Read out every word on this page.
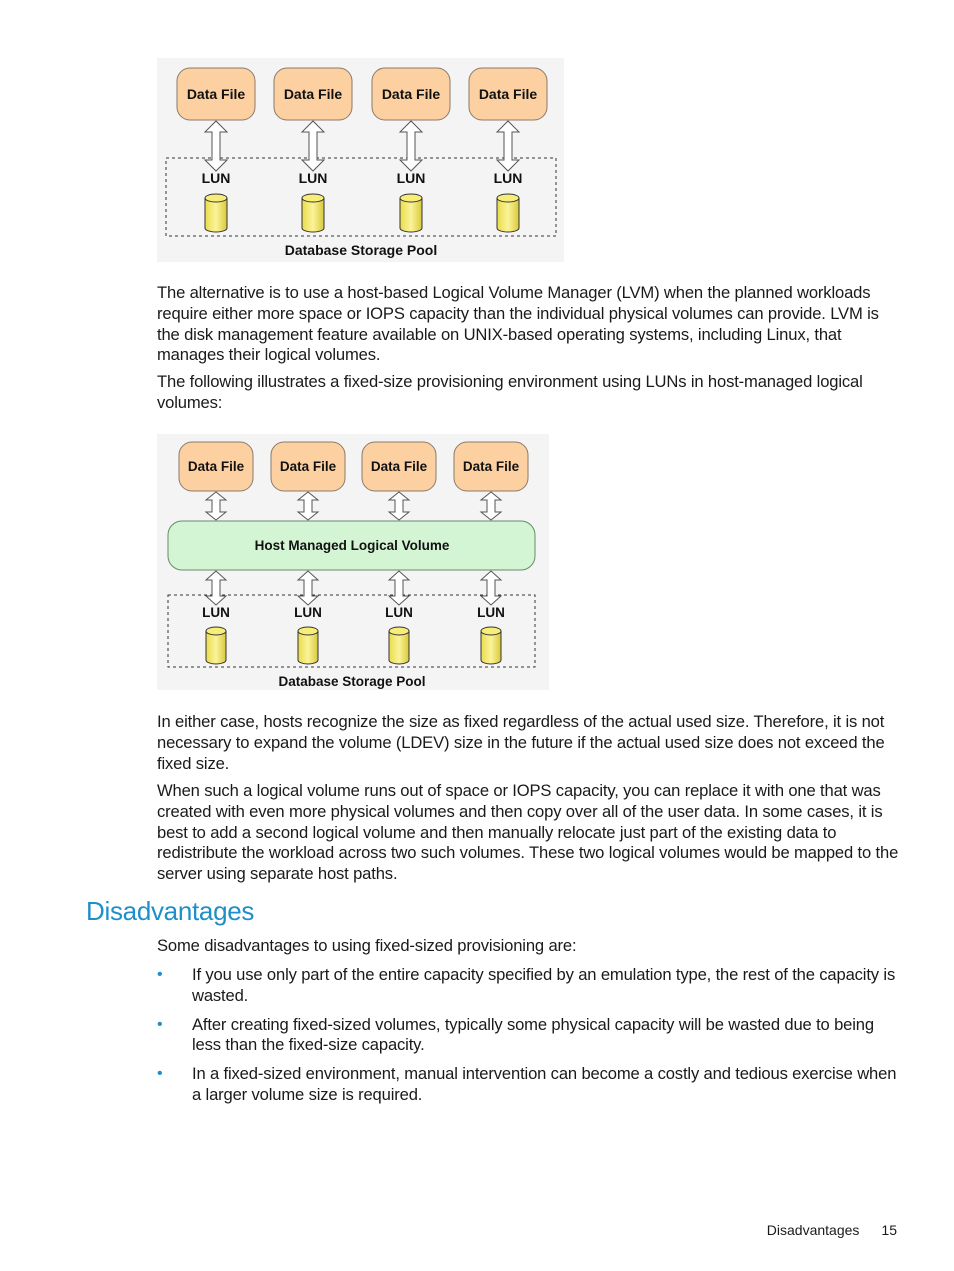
Data File	Data File	Data File	Data File
LUN	LUN	LUN	LUN
Database Storage Pool

The alternative is to use a host-based Logical Volume Manager (LVM) when the planned workloads require either more space or IOPS capacity than the individual physical volumes can provide. LVM is the disk management feature available on UNIX-based operating systems, including Linux, that manages their logical volumes.

The following illustrates a fixed-size provisioning environment using LUNs in host-managed logical volumes:

Data File	Data File	Data File	Data File
Host Managed Logical Volume
LUN	LUN	LUN	LUN
Database Storage Pool

In either case, hosts recognize the size as fixed regardless of the actual used size. Therefore, it is not necessary to expand the volume (LDEV) size in the future if the actual used size does not exceed the fixed size.

When such a logical volume runs out of space or IOPS capacity, you can replace it with one that was created with even more physical volumes and then copy over all of the user data. In some cases, it is best to add a second logical volume and then manually relocate just part of the existing data to redistribute the workload across two such volumes. These two logical volumes would be mapped to the server using separate host paths.

Disadvantages

Some disadvantages to using fixed-sized provisioning are:

• If you use only part of the entire capacity specified by an emulation type, the rest of the capacity is wasted.
• After creating fixed-sized volumes, typically some physical capacity will be wasted due to being less than the fixed-size capacity.
• In a fixed-sized environment, manual intervention can become a costly and tedious exercise when a larger volume size is required.
Disadvantages 15
